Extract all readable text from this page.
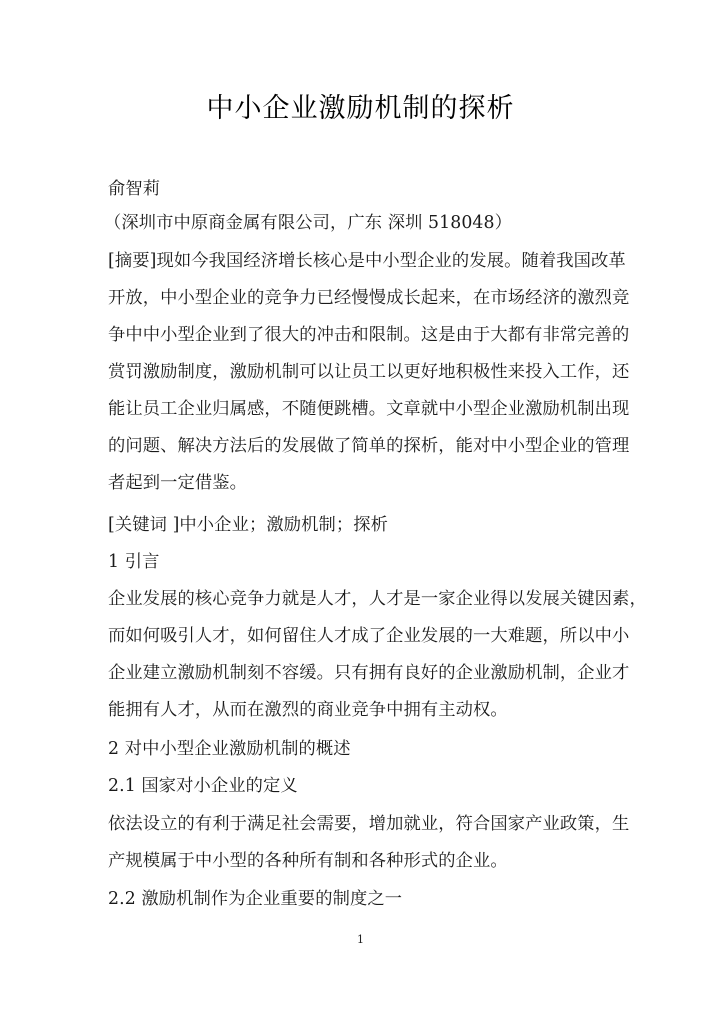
中小企业激励机制的探析
俞智莉
（深圳市中原商金属有限公司，广东 深圳 518048）
[摘要]现如今我国经济增长核心是中小型企业的发展。随着我国改革
开放，中小型企业的竞争力已经慢慢成长起来，在市场经济的激烈竞
争中中小型企业到了很大的冲击和限制。这是由于大都有非常完善的
赏罚激励制度，激励机制可以让员工以更好地积极性来投入工作，还
能让员工企业归属感，不随便跳槽。文章就中小型企业激励机制出现
的问题、解决方法后的发展做了简单的探析，能对中小型企业的管理
者起到一定借鉴。
[关键词 ]中小企业；激励机制；探析
1 引言
企业发展的核心竞争力就是人才，人才是一家企业得以发展关键因素，
而如何吸引人才，如何留住人才成了企业发展的一大难题，所以中小
企业建立激励机制刻不容缓。只有拥有良好的企业激励机制，企业才
能拥有人才，从而在激烈的商业竞争中拥有主动权。
2 对中小型企业激励机制的概述
2.1 国家对小企业的定义
依法设立的有利于满足社会需要，增加就业，符合国家产业政策，生
产规模属于中小型的各种所有制和各种形式的企业。
2.2 激励机制作为企业重要的制度之一
1
